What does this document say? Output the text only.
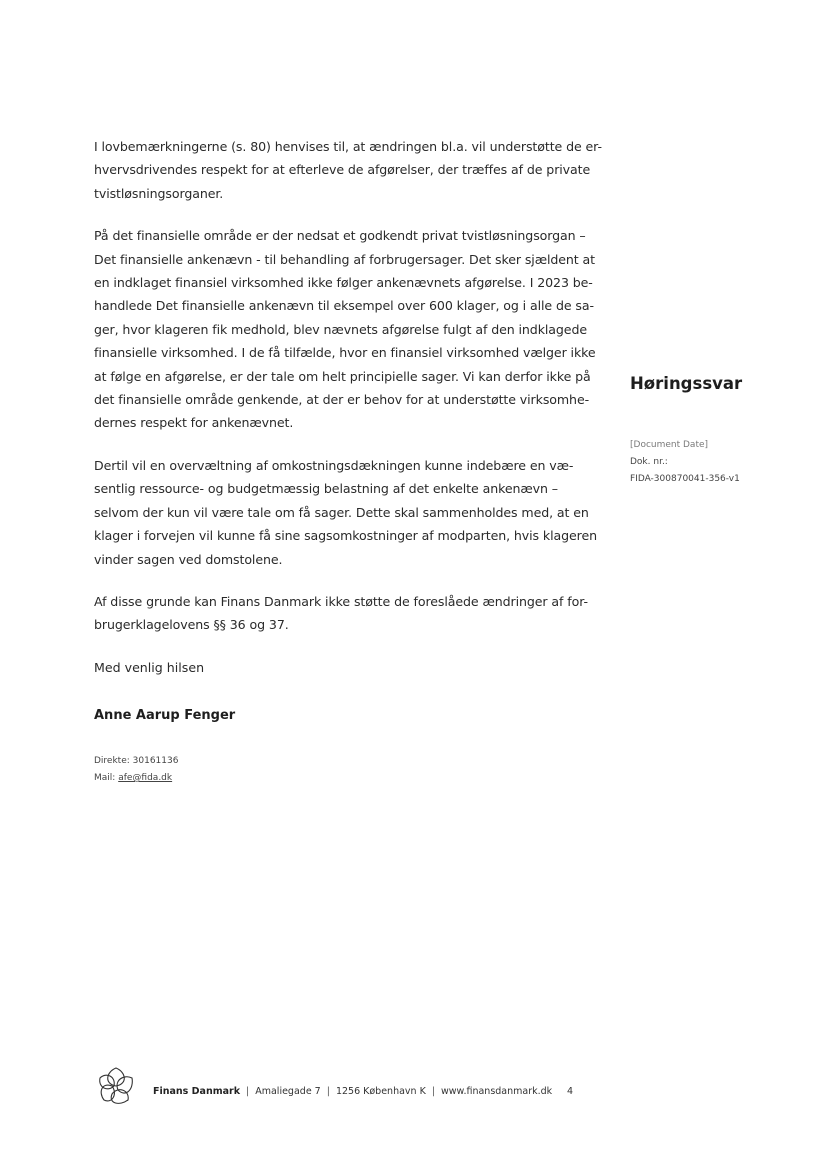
I lovbemærkningerne (s. 80) henvises til, at ændringen bl.a. vil understøtte de er-
hvervsdrivendes respekt for at efterleve de afgørelser, der træffes af de private
tvistløsningsorganer.

På det finansielle område er der nedsat et godkendt privat tvistløsningsorgan –
Det finansielle ankenævn - til behandling af forbrugersager. Det sker sjældent at
en indklaget finansiel virksomhed ikke følger ankenævnets afgørelse. I 2023 be-
handlede Det finansielle ankenævn til eksempel over 600 klager, og i alle de sa-
ger, hvor klageren fik medhold, blev nævnets afgørelse fulgt af den indklagede
finansielle virksomhed. I de få tilfælde, hvor en finansiel virksomhed vælger ikke
at følge en afgørelse, er der tale om helt principielle sager. Vi kan derfor ikke på
det finansielle område genkende, at der er behov for at understøtte virksomhe-
dernes respekt for ankenævnet.

Dertil vil en overvæltning af omkostningsdækningen kunne indebære en væ-
sentlig ressource- og budgetmæssig belastning af det enkelte ankenævn –
selvom der kun vil være tale om få sager. Dette skal sammenholdes med, at en
klager i forvejen vil kunne få sine sagsomkostninger af modparten, hvis klageren
vinder sagen ved domstolene.

Af disse grunde kan Finans Danmark ikke støtte de foreslåede ændringer af for-
brugerklagelovens §§ 36 og 37.

Med venlig hilsen

Anne Aarup Fenger
Direkte: 30161136
Mail: afe@fida.dk
Høringssvar
[Document Date]
Dok. nr.:
FIDA-300870041-356-v1
Finans Danmark | Amaliegade 7 | 1256 København K | www.finansdanmark.dk 4
